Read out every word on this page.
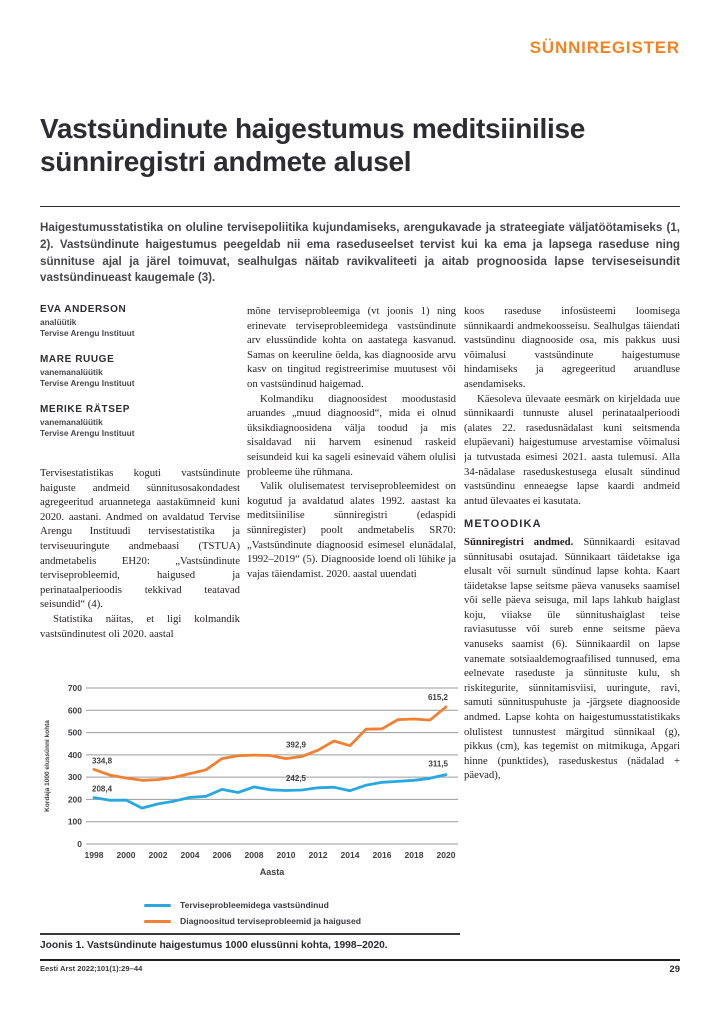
SÜNNIREGISTER
Vastsündinute haigestumus meditsiinilise sünniregistri andmete alusel

Haigestumusstatistika on oluline tervisepoliitika kujundamiseks, arengukavade ja strateegiate väljatöötamiseks (1, 2). Vastsündinute haigestumus peegeldab nii ema raseduseelset tervist kui ka ema ja lapsega raseduse ning sünnituse ajal ja järel toimuvat, sealhulgas näitab ravikvaliteeti ja aitab prognoosida lapse terviseseisundit vastsündinueast kaugemale (3).

EVA ANDERSON
analüütik
Tervise Arengu Instituut
MARE RUUGE
vanemanalüütik
Tervise Arengu Instituut
MERIKE RÄTSEP
vanemanalüütik
Tervise Arengu Instituut

Tervisestatistikas koguti vastsündinute haiguste andmeid sünnitusosakondadest agregeeritud aruannetega aastakümneid kuni 2020. aastani. Andmed on avaldatud Tervise Arengu Instituudi tervisestatistika ja terviseuuringute andmebaasi (TSTUA) andmetabelis EH20: „Vastsündinute terviseprobleemid, haigused ja perinataalperioodis tekkivad teatavad seisundid“ (4).

Statistika näitas, et ligi kolmandik vastsündinutest oli 2020. aastal

mõne terviseprobleemiga (vt joonis 1) ning erinevate terviseprobleemidega vastsündinute arv elussündide kohta on aastatega kasvanud. Samas on keeruline öelda, kas diagnooside arvu kasv on tingitud registreerimise muutusest või on vastsündinud haigemad.

Kolmandiku diagnoosidest moodustasid aruandes „muud diagnoosid“, mida ei olnud üksikdiagnoosidena välja toodud ja mis sisaldavad nii harvem esinenud raskeid seisundeid kui ka sageli esinevaid vähem olulisi probleeme ühe rühmana.

Valik olulisematest terviseprobleemidest on kogutud ja avaldatud alates 1992. aastast ka meditsiinilise sünniregistri (edaspidi sünniregister) poolt andmetabelis SR70: „Vastsündinute diagnoosid esimesel elunädalal, 1992–2019“ (5). Diagnooside loend oli lühike ja vajas täiendamist. 2020. aastal uuendati

koos raseduse infosüsteemi loomisega sünnikaardi andmekoosseisu. Sealhulgas täiendati vastsündinu diagnooside osa, mis pakkus uusi võimalusi vastsündinute haigestumuse hindamiseks ja agregeeritud aruandluse asendamiseks.

Käesoleva ülevaate eesmärk on kirjeldada uue sünnikaardi tunnuste alusel perinataalperioodi (alates 22. rasedusnädalast kuni seitsmenda elupäevani) haigestumuse arvestamise võimalusi ja tutvustada esimesi 2021. aasta tulemusi. Alla 34-nädalase raseduskestusega elusalt sündinud vastsündinu enneaegse lapse kaardi andmeid antud ülevaates ei kasutata.

METOODIKA

Sünniregistri andmed. Sünnikaardi esitavad sünnitusabi osutajad. Sünnikaart täidetakse iga elusalt või surnult sündinud lapse kohta. Kaart täidetakse lapse seitsme päeva vanuseks saamisel või selle päeva seisuga, mil laps lahkub haiglast koju, viiakse üle sünnitushaiglast teise raviasutusse või sureb enne seitsme päeva vanuseks saamist (6). Sünnikaardil on lapse vanemate sotsiaaldemograafilised tunnused, ema eelnevate raseduste ja sünnituste kulu, sh riskitegurite, sünnitamisviisi, uuringute, ravi, samuti sünnituspuhuste ja -järgsete diagnooside andmed. Lapse kohta on haigestumusstatistikaks olulistest tunnustest märgitud sünnikaal (g), pikkus (cm), kas tegemist on mitmikuga, Apgari hinne (punktides), raseduskestus (nädalad + päevad),

0
100
200
300
400
500
600
700
1998 2000 2002 2004 2006 2008 2010 2012 2014 2016 2018 2020
Aasta
Kordaja 1000 elussünni kohta	334,8
208,4
392,9
242,5
615,2
311,5
Terviseprobleemidega vastsündinud
Diagnoositud terviseprobleemid ja haigused
Joonis 1. Vastsündinute haigestumus 1000 elussünni kohta, 1998–2020.
Eesti Arst 2022;101(1):29–44	29
